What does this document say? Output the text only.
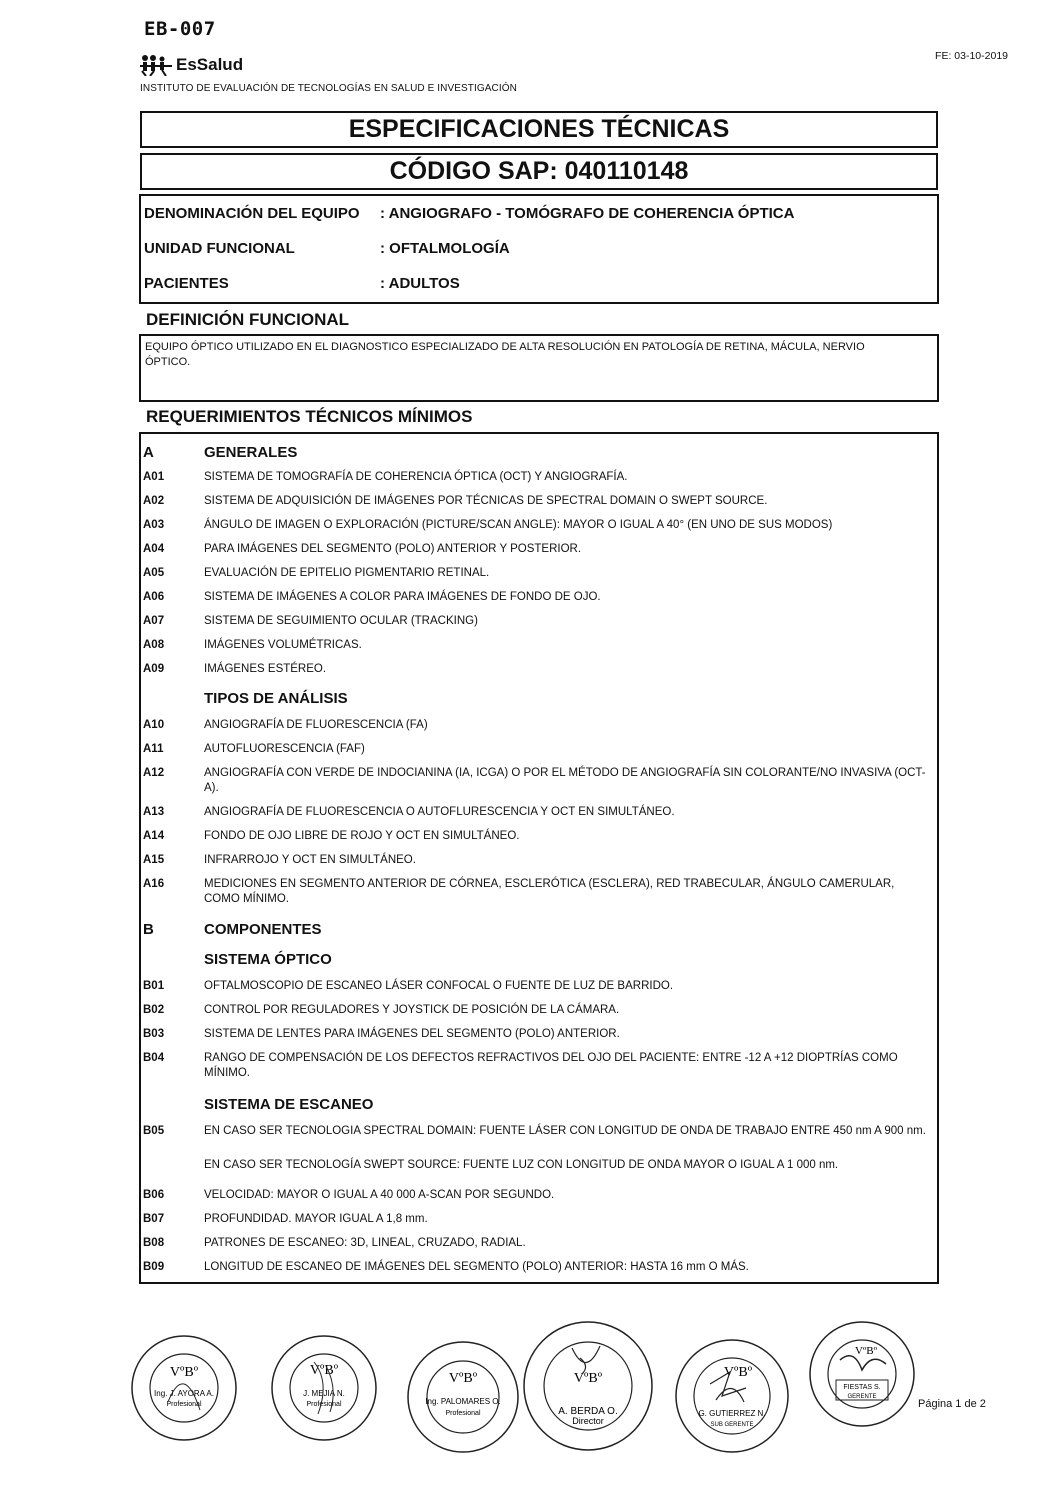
EB-007
EsSalud
INSTITUTO DE EVALUACIÓN DE TECNOLOGÍAS EN SALUD E INVESTIGACIÓN
FE: 03-10-2019
ESPECIFICACIONES TÉCNICAS
CÓDIGO SAP: 040110148
DENOMINACIÓN DEL EQUIPO : ANGIOGRAFO - TOMÓGRAFO DE COHERENCIA ÓPTICA
UNIDAD FUNCIONAL	: OFTALMOLOGÍA
PACIENTES	: ADULTOS
DEFINICIÓN FUNCIONAL
EQUIPO ÓPTICO UTILIZADO EN EL DIAGNOSTICO ESPECIALIZADO DE ALTA RESOLUCIÓN EN PATOLOGÍA DE RETINA, MÁCULA, NERVIO ÓPTICO.
REQUERIMIENTOS TÉCNICOS MÍNIMOS
A	GENERALES
A01	SISTEMA DE TOMOGRAFÍA DE COHERENCIA ÓPTICA (OCT) Y ANGIOGRAFÍA.
A02	SISTEMA DE ADQUISICIÓN DE IMÁGENES POR TÉCNICAS DE SPECTRAL DOMAIN O SWEPT SOURCE.
A03	ÁNGULO DE IMAGEN O EXPLORACIÓN (PICTURE/SCAN ANGLE): MAYOR O IGUAL A 40° (EN UNO DE SUS MODOS)
A04	PARA IMÁGENES DEL SEGMENTO (POLO) ANTERIOR Y POSTERIOR.
A05	EVALUACIÓN DE EPITELIO PIGMENTARIO RETINAL.
A06	SISTEMA DE IMÁGENES A COLOR PARA IMÁGENES DE FONDO DE OJO.
A07	SISTEMA DE SEGUIMIENTO OCULAR (TRACKING)
A08	IMÁGENES VOLUMÉTRICAS.
A09	IMÁGENES ESTÉREO.
TIPOS DE ANÁLISIS
A10	ANGIOGRAFÍA DE FLUORESCENCIA (FA)
A11	AUTOFLUORESCENCIA (FAF)
A12	ANGIOGRAFÍA CON VERDE DE INDOCIANINA (IA, ICGA) O POR EL MÉTODO DE ANGIOGRAFÍA SIN COLORANTE/NO INVASIVA (OCT-A).
A13	ANGIOGRAFÍA DE FLUORESCENCIA O AUTOFLURESCENCIA Y OCT EN SIMULTÁNEO.
A14	FONDO DE OJO LIBRE DE ROJO Y OCT EN SIMULTÁNEO.
A15	INFRARROJO Y OCT EN SIMULTÁNEO.
A16	MEDICIONES EN SEGMENTO ANTERIOR DE CÓRNEA, ESCLERÓTICA (ESCLERA), RED TRABECULAR, ÁNGULO CAMERULAR, COMO MÍNIMO.
B	COMPONENTES
SISTEMA ÓPTICO
B01	OFTALMOSCOPIO DE ESCANEO LÁSER CONFOCAL O FUENTE DE LUZ DE BARRIDO.
B02	CONTROL POR REGULADORES Y JOYSTICK DE POSICIÓN DE LA CÁMARA.
B03	SISTEMA DE LENTES PARA IMÁGENES DEL SEGMENTO (POLO) ANTERIOR.
B04	RANGO DE COMPENSACIÓN DE LOS DEFECTOS REFRACTIVOS DEL OJO DEL PACIENTE: ENTRE -12 A +12 DIOPTRÍAS COMO MÍNIMO.
SISTEMA DE ESCANEO
B05	EN CASO SER TECNOLOGIA SPECTRAL DOMAIN: FUENTE LÁSER CON LONGITUD DE ONDA DE TRABAJO ENTRE 450 nm A 900 nm.
EN CASO SER TECNOLOGÍA SWEPT SOURCE: FUENTE LUZ CON LONGITUD DE ONDA MAYOR O IGUAL A 1 000 nm.
B06	VELOCIDAD: MAYOR O IGUAL A 40 000 A-SCAN POR SEGUNDO.
B07	PROFUNDIDAD. MAYOR IGUAL A 1,8 mm.
B08	PATRONES DE ESCANEO: 3D, LINEAL, CRUZADO, RADIAL.
B09	LONGITUD DE ESCANEO DE IMÁGENES DEL SEGMENTO (POLO) ANTERIOR: HASTA 16 mm O MÁS.
VºBº
Ing. J. AYORA A.
Profesional
VºBº
J. MEJIA N.
Profesional
VºBº
Ing. PALOMARES O.
Profesional
VºBº
A. BERDA O.
Director
VºBº
G. GUTIERREZ N.
SUB GERENTE
VºBº
FIESTAS S.
GERENTE
Página 1 de 2
